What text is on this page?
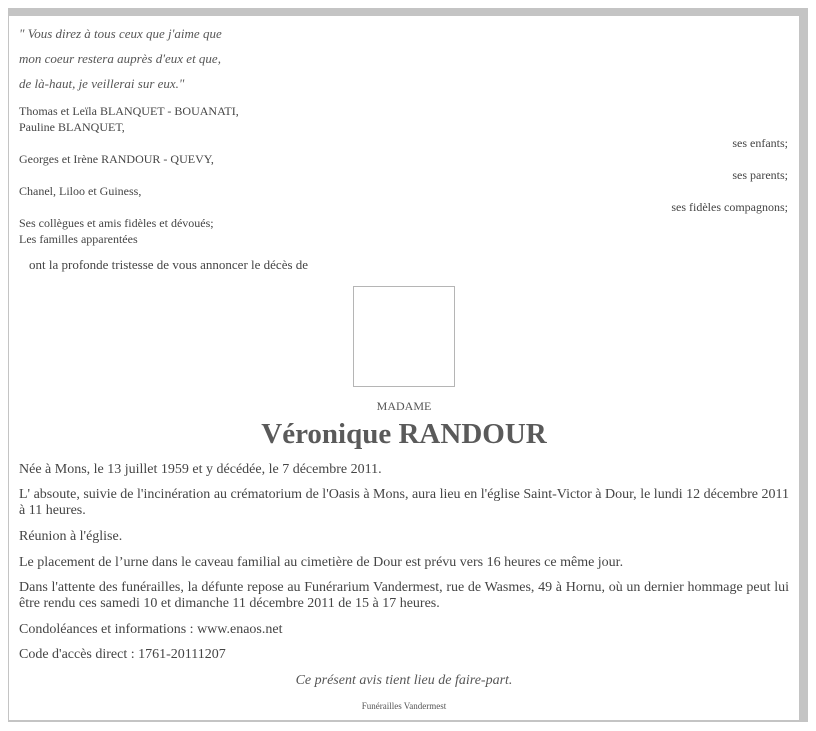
" Vous direz à tous ceux que j'aime que
mon coeur restera auprès d'eux et que,
de là-haut, je veillerai sur eux."
Thomas et Leïla BLANQUET - BOUANATI,
Pauline BLANQUET,
ses enfants;
Georges et Irène RANDOUR - QUEVY,
ses parents;
Chanel, Liloo et Guiness,
ses fidèles compagnons;
Ses collègues et amis fidèles et dévoués;
Les familles apparentées
ont la profonde tristesse de vous annoncer le décès de
MADAME
Véronique RANDOUR
Née à Mons, le 13 juillet 1959 et y décédée, le 7 décembre 2011.
L' absoute, suivie de l'incinération au crématorium de l'Oasis à Mons, aura lieu en l'église Saint-Victor à Dour, le lundi 12 décembre 2011 à 11 heures.
Réunion à l'église.
Le placement de l’urne dans le caveau familial au cimetière de Dour est prévu vers 16 heures ce même jour.
Dans l'attente des funérailles, la défunte repose au Funérarium Vandermest, rue de Wasmes, 49 à Hornu, où un dernier hommage peut lui être rendu ces samedi 10 et dimanche 11 décembre 2011 de 15 à 17 heures.
Condoléances et informations : www.enaos.net
Code d'accès direct : 1761-20111207
Ce présent avis tient lieu de faire-part.
Funérailles Vandermest
